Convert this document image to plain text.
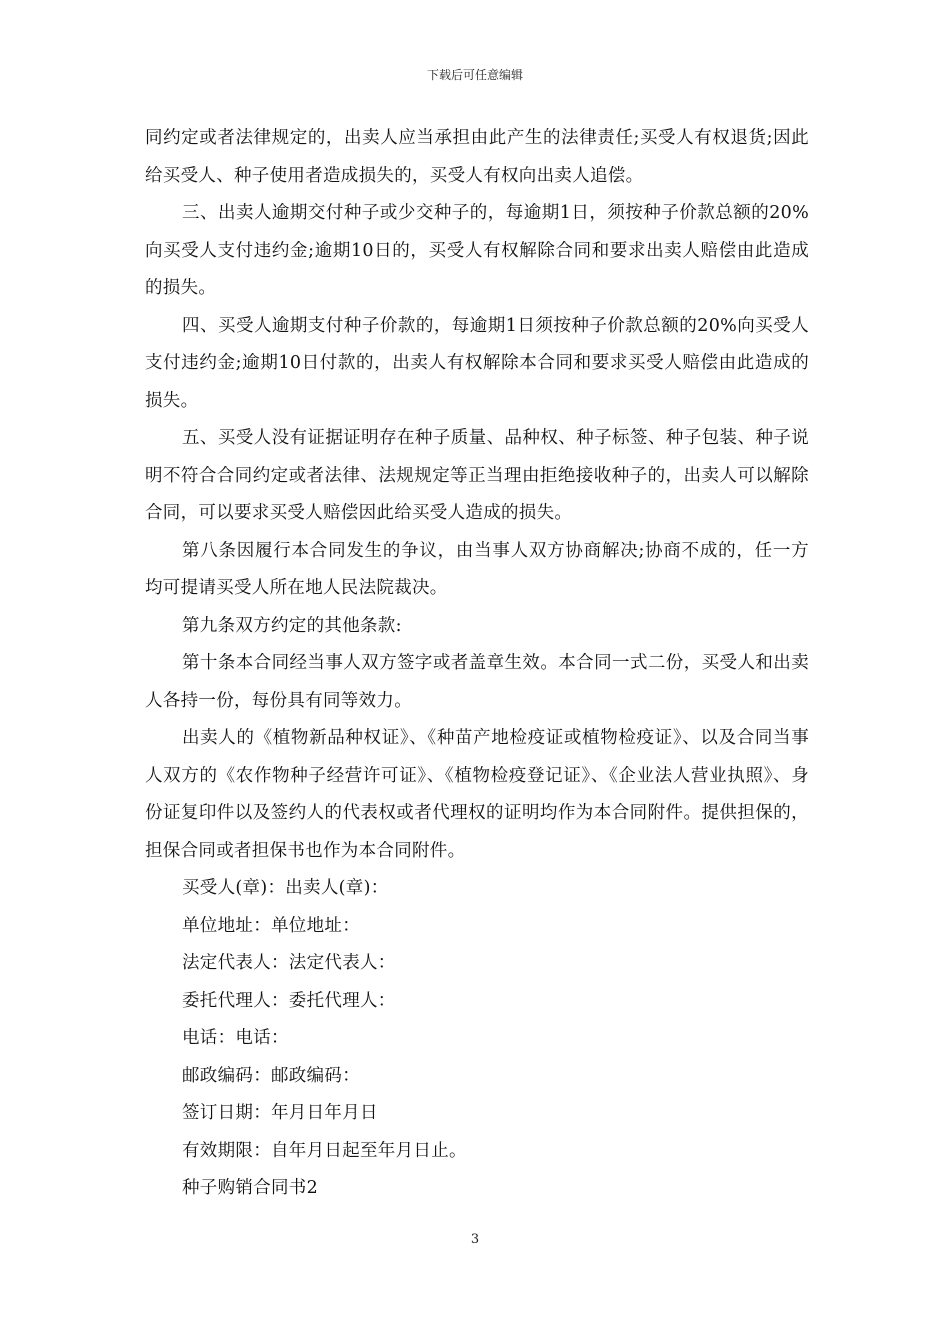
下载后可任意编辑

同约定或者法律规定的，出卖人应当承担由此产生的法律责任;买受人有权退货;因此给买受人、种子使用者造成损失的，买受人有权向出卖人追偿。

三、出卖人逾期交付种子或少交种子的，每逾期1日，须按种子价款总额的20%向买受人支付违约金;逾期10日的，买受人有权解除合同和要求出卖人赔偿由此造成的损失。

四、买受人逾期支付种子价款的，每逾期1日须按种子价款总额的20%向买受人支付违约金;逾期10日付款的，出卖人有权解除本合同和要求买受人赔偿由此造成的损失。

五、买受人没有证据证明存在种子质量、品种权、种子标签、种子包装、种子说明不符合合同约定或者法律、法规规定等正当理由拒绝接收种子的，出卖人可以解除合同，可以要求买受人赔偿因此给买受人造成的损失。

第八条因履行本合同发生的争议，由当事人双方协商解决;协商不成的，任一方均可提请买受人所在地人民法院裁决。

第九条双方约定的其他条款:

第十条本合同经当事人双方签字或者盖章生效。本合同一式二份，买受人和出卖人各持一份，每份具有同等效力。

出卖人的《植物新品种权证》、《种苗产地检疫证或植物检疫证》、以及合同当事人双方的《农作物种子经营许可证》、《植物检疫登记证》、《企业法人营业执照》、身份证复印件以及签约人的代表权或者代理权的证明均作为本合同附件。提供担保的，担保合同或者担保书也作为本合同附件。

买受人(章)：出卖人(章)：

单位地址：单位地址：

法定代表人：法定代表人：

委托代理人：委托代理人：

电话：电话：

邮政编码：邮政编码：

签订日期：年月日年月日

有效期限：自年月日起至年月日止。

种子购销合同书2

3
